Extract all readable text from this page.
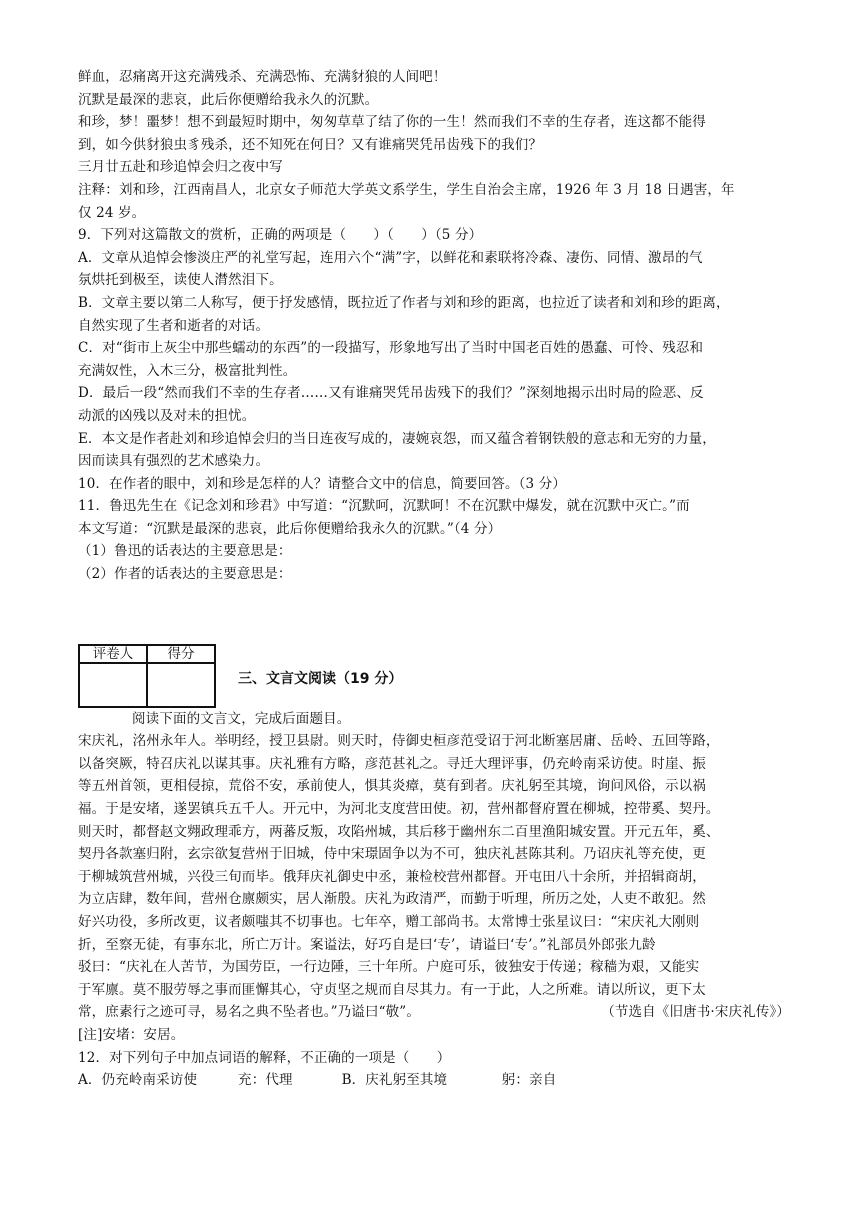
鲜血，忍痛离开这充满残杀、充满恐怖、充满豺狼的人间吧！
沉默是最深的悲哀，此后你便赠给我永久的沉默。
和珍，梦！噩梦！想不到最短时期中，匆匆草草了结了你的一生！然而我们不幸的生存者，连这都不能得
到，如今供豺狼虫豸残杀，还不知死在何日？又有谁痛哭凭吊齿残下的我们？
三月廿五赴和珍追悼会归之夜中写
注释：刘和珍，江西南昌人，北京女子师范大学英文系学生，学生自治会主席，1926 年 3 月 18 日遇害，年
仅 24 岁。
9．下列对这篇散文的赏析，正确的两项是（　　）（　　）（5 分）
A．文章从追悼会惨淡庄严的礼堂写起，连用六个“满”字，以鲜花和素联将冷森、凄伤、同情、激昂的气
氛烘托到极至，读使人潸然泪下。
B．文章主要以第二人称写，便于抒发感情，既拉近了作者与刘和珍的距离，也拉近了读者和刘和珍的距离，
自然实现了生者和逝者的对话。
C．对“街市上灰尘中那些蠕动的东西”的一段描写，形象地写出了当时中国老百姓的愚蠢、可怜、残忍和
充满奴性，入木三分，极富批判性。
D．最后一段“然而我们不幸的生存者……又有谁痛哭凭吊齿残下的我们？”深刻地揭示出时局的险恶、反
动派的凶残以及对未的担忧。
E．本文是作者赴刘和珍追悼会归的当日连夜写成的，凄婉哀怨，而又蕴含着钢铁般的意志和无穷的力量，
因而读具有强烈的艺术感染力。
10．在作者的眼中，刘和珍是怎样的人？请整合文中的信息，简要回答。（3 分）
11．鲁迅先生在《记念刘和珍君》中写道：“沉默呵，沉默呵！不在沉默中爆发，就在沉默中灭亡。”而
本文写道：“沉默是最深的悲哀，此后你便赠给我永久的沉默。”（4 分）
（1）鲁迅的话表达的主要意思是：
（2）作者的话表达的主要意思是：
评卷人	得分

三、文言文阅读（19 分）
阅读下面的文言文，完成后面题目。
宋庆礼，洺州永年人。举明经，授卫县尉。则天时，侍御史桓彦范受诏于河北断塞居庸、岳岭、五回等路，
以备突厥，特召庆礼以谋其事。庆礼雅有方略，彦范甚礼之。寻迁大理评事，仍充岭南采访使。时崖、振
等五州首领，更相侵掠，荒俗不安，承前使人，惧其炎瘴，莫有到者。庆礼躬至其境，询问风俗，示以祸
福。于是安堵，遂罢镇兵五千人。开元中，为河北支度营田使。初，营州都督府置在柳城，控带奚、契丹。
则天时，都督赵文翙政理乖方，两蕃反叛，攻陷州城，其后移于幽州东二百里渔阳城安置。开元五年，奚、
契丹各款塞归附，玄宗欲复营州于旧城，侍中宋璟固争以为不可，独庆礼甚陈其利。乃诏庆礼等充使，更
于柳城筑营州城，兴役三旬而毕。俄拜庆礼御史中丞，兼检校营州都督。开屯田八十余所，并招辑商胡，
为立店肆，数年间，营州仓廪颇实，居人渐殷。庆礼为政清严，而勤于听理，所历之处，人吏不敢犯。然
好兴功役，多所改更，议者颇嗤其不切事也。七年卒，赠工部尚书。太常博士张星议曰：“宋庆礼大刚则
折，至察无徒，有事东北，所亡万计。案谥法，好巧自是曰‘专’，请谥曰‘专’。”礼部员外郎张九龄
驳曰：“庆礼在人苦节，为国劳臣，一行边陲，三十年所。户庭可乐，彼独安于传递；稼穑为艰，又能实
于军廪。莫不服劳辱之事而匪懈其心，守贞坚之规而自尽其力。有一于此，人之所难。请以所议，更下太
常，庶素行之迹可寻，易名之典不坠者也。”乃谥曰“敬”。	（节选自《旧唐书·宋庆礼传》）
[注]安堵：安居。
12．对下列句子中加点词语的解释，不正确的一项是（　　）
A．仍充岭南采访使　　　充：代理	B．庆礼躬至其境　　　　躬：亲自
